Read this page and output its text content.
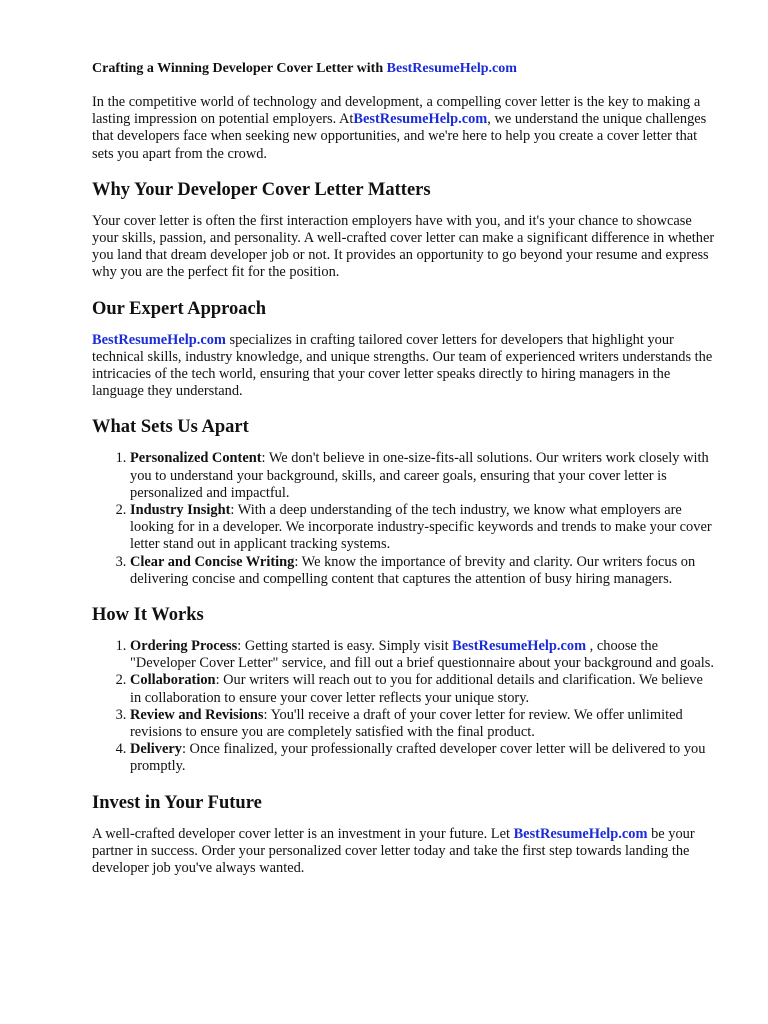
Crafting a Winning Developer Cover Letter with BestResumeHelp.com

In the competitive world of technology and development, a compelling cover letter is the key to making a lasting impression on potential employers. AtBestResumeHelp.com, we understand the unique challenges that developers face when seeking new opportunities, and we're here to help you create a cover letter that sets you apart from the crowd.

Why Your Developer Cover Letter Matters

Your cover letter is often the first interaction employers have with you, and it's your chance to showcase your skills, passion, and personality. A well-crafted cover letter can make a significant difference in whether you land that dream developer job or not. It provides an opportunity to go beyond your resume and express why you are the perfect fit for the position.

Our Expert Approach

BestResumeHelp.com specializes in crafting tailored cover letters for developers that highlight your technical skills, industry knowledge, and unique strengths. Our team of experienced writers understands the intricacies of the tech world, ensuring that your cover letter speaks directly to hiring managers in the language they understand.

What Sets Us Apart
1. Personalized Content: We don't believe in one-size-fits-all solutions. Our writers work closely with you to understand your background, skills, and career goals, ensuring that your cover letter is personalized and impactful.
2. Industry Insight: With a deep understanding of the tech industry, we know what employers are looking for in a developer. We incorporate industry-specific keywords and trends to make your cover letter stand out in applicant tracking systems.
3. Clear and Concise Writing: We know the importance of brevity and clarity. Our writers focus on delivering concise and compelling content that captures the attention of busy hiring managers.
How It Works
1. Ordering Process: Getting started is easy. Simply visit BestResumeHelp.com , choose the "Developer Cover Letter" service, and fill out a brief questionnaire about your background and goals.
2. Collaboration: Our writers will reach out to you for additional details and clarification. We believe in collaboration to ensure your cover letter reflects your unique story.
3. Review and Revisions: You'll receive a draft of your cover letter for review. We offer unlimited revisions to ensure you are completely satisfied with the final product.
4. Delivery: Once finalized, your professionally crafted developer cover letter will be delivered to you promptly.
Invest in Your Future

A well-crafted developer cover letter is an investment in your future. Let BestResumeHelp.com be your partner in success. Order your personalized cover letter today and take the first step towards landing the developer job you've always wanted.
